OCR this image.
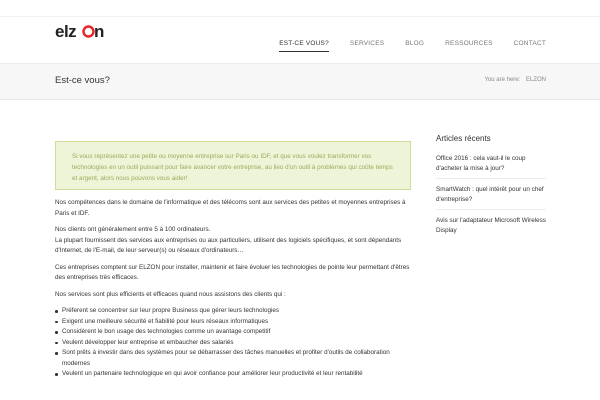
elz n
EST-CE VOUS?	SERVICES	BLOG	RESSOURCES	CONTACT
Est-ce vous?	You are here: ELZON
Si vous représentez une petite ou moyenne entreprise sur Paris ou IDF, et que vous voulez transformer vos technologies en un outil puissant pour faire avancer votre entreprise, au lieu d'un outil à problèmes qui coûte temps et argent, alors nous pouvons vous aider!

Nos compétences dans le domaine de l'informatique et des télécoms sont aux services des petites et moyennes entreprises à Paris et IDF.

Nos clients ont généralement entre 5 à 100 ordinateurs.

La plupart fournissent des services aux entreprises ou aux particuliers, utilisent des logiciels spécifiques, et sont dépendants d'Internet, de l'E-mail, de leur serveur(s) ou réseaux d'ordinateurs…

Ces entreprises comptent sur ELZON pour installer, maintenir et faire évoluer les technologies de pointe leur permettant d'êtres des entreprises très efficaces.

Nos services sont plus efficients et efficaces quand nous assistons des clients qui :

Préferent se concentrer sur leur propre Business que gérer leurs technologies
Exigent une meilleure sécurité et fiabilité pour leurs réseaux informatiques
Considèrent le bon usage des technologies comme un avantage competitif
Veulent développer leur entreprise et embaucher des salariés
Sont prêts à investir dans des systèmes pour se débarrasser des tâches manuelles et profiter d'outils de collaboration modernes
Veulent un partenaire technologique en qui avoir confiance pour améliorer leur productivité et leur rentabilité
Articles récents
Office 2016 : cela vaut-il le coup d'acheter la mise à jour?
SmartWatch : quel intérêt pour un chef d'entreprise?
Avis sur l'adaptateur Microsoft Wireless Display
